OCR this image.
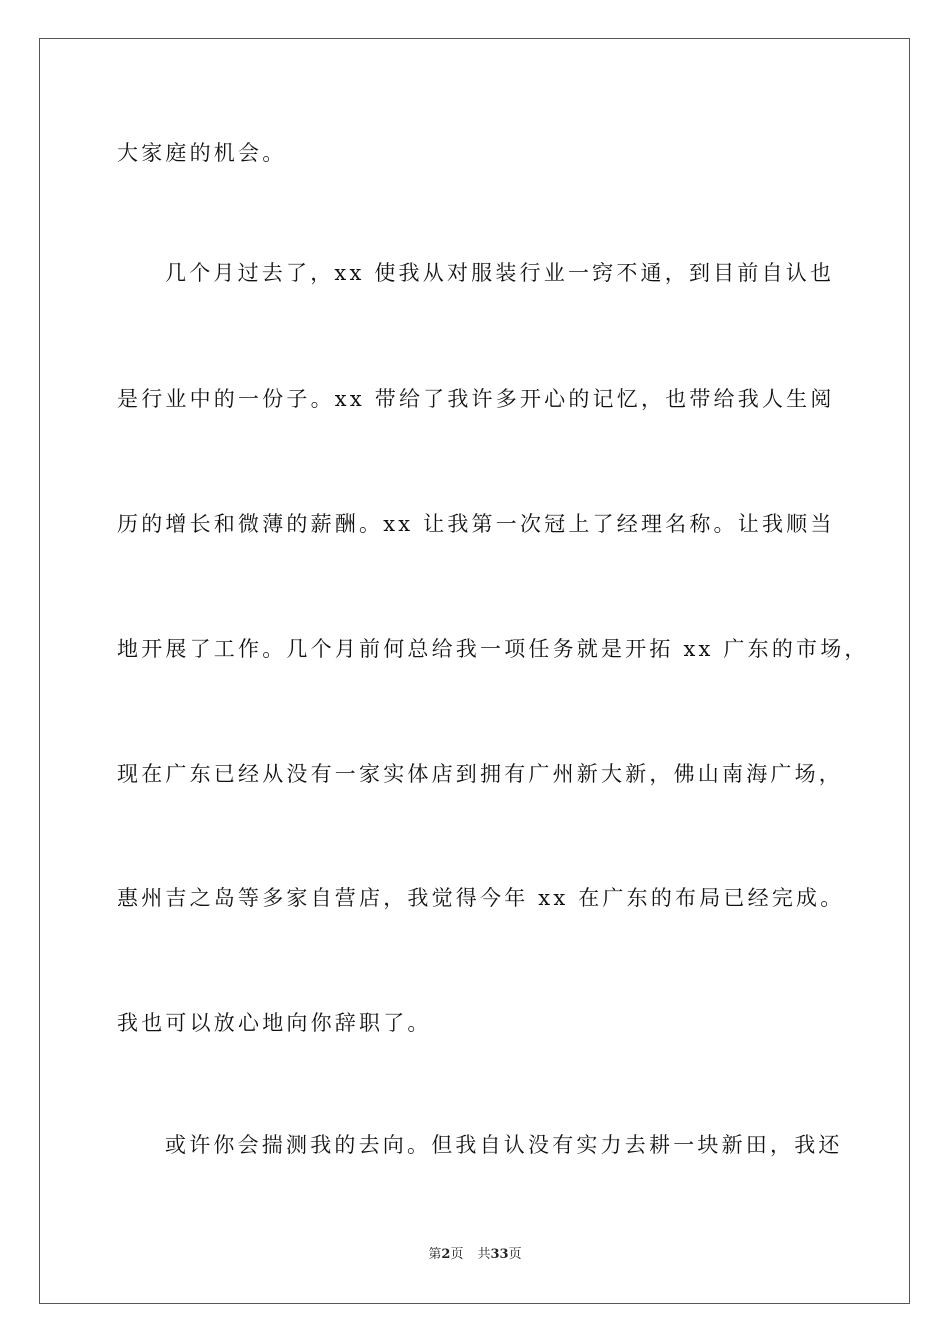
大家庭的机会。
几个月过去了，xx 使我从对服装行业一窍不通，到目前自认也
是行业中的一份子。xx 带给了我许多开心的记忆，也带给我人生阅
历的增长和微薄的薪酬。xx 让我第一次冠上了经理名称。让我顺当
地开展了工作。几个月前何总给我一项任务就是开拓 xx 广东的市场，
现在广东已经从没有一家实体店到拥有广州新大新，佛山南海广场，
惠州吉之岛等多家自营店，我觉得今年 xx 在广东的布局已经完成。
我也可以放心地向你辞职了。
或许你会揣测我的去向。但我自认没有实力去耕一块新田，我还
第2页 共33页
